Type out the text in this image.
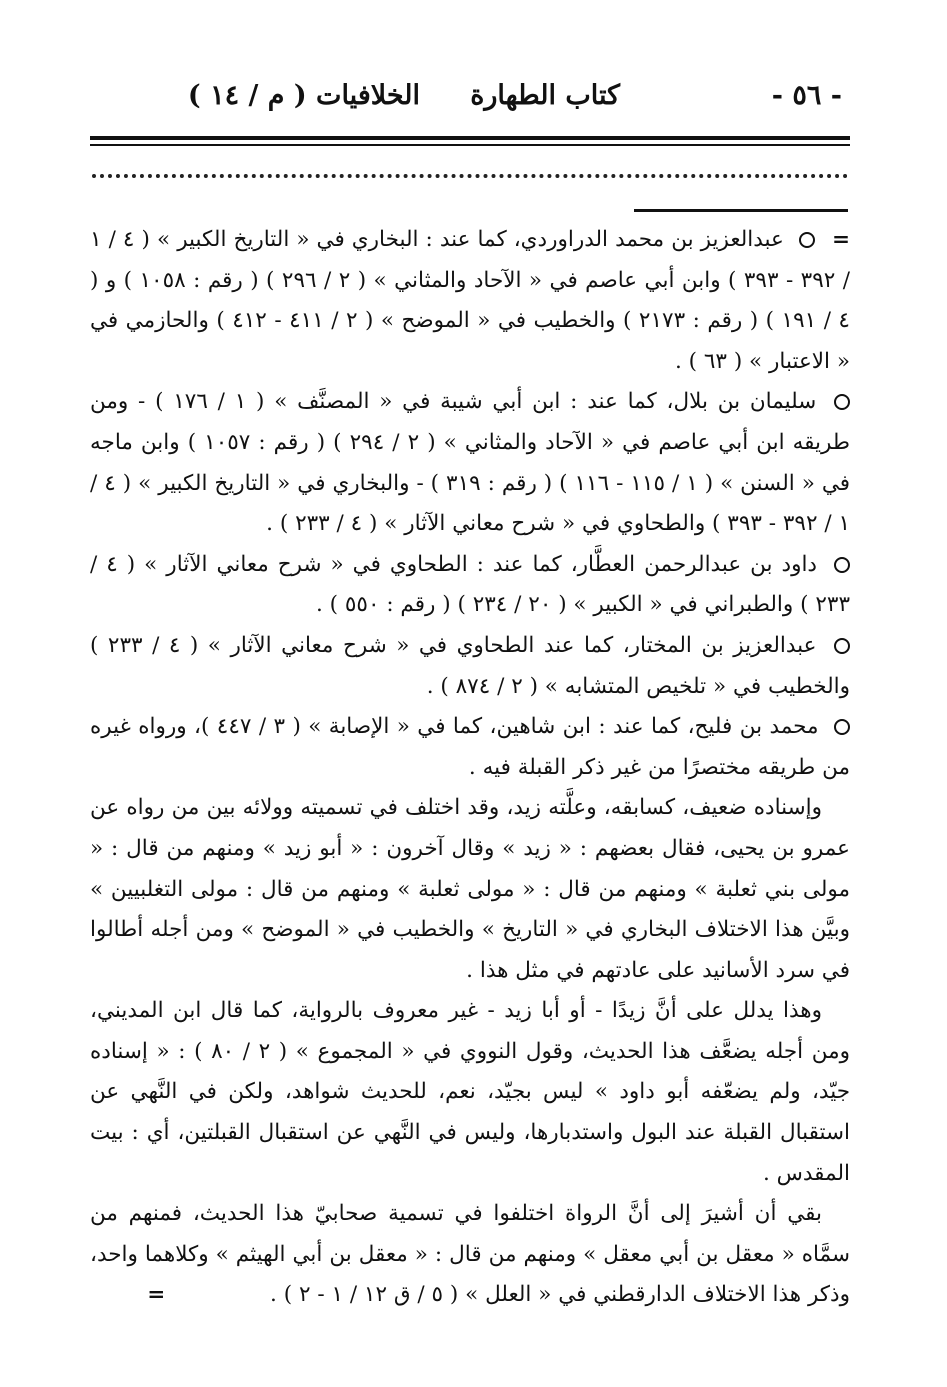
- ٥٦ -
كتاب الطهارة
الخلافيات ( م / ١٤ )

=  عبدالعزيز بن محمد الدراوردي، كما عند : البخاري في « التاريخ الكبير » ( ٤ / ١ / ٣٩٢ - ٣٩٣ ) وابن أبي عاصم في « الآحاد والمثاني » ( ٢ / ٢٩٦ ) ( رقم : ١٠٥٨ ) و ( ٤ / ١٩١ ) ( رقم : ٢١٧٣ ) والخطيب في « الموضح » ( ٢ / ٤١١ - ٤١٢ ) والحازمي في « الاعتبار » ( ٦٣ ) .

سليمان بن بلال، كما عند : ابن أبي شيبة في « المصنَّف » ( ١ / ١٧٦ ) - ومن طريقه ابن أبي عاصم في « الآحاد والمثاني » ( ٢ / ٢٩٤ ) ( رقم : ١٠٥٧ ) وابن ماجه في « السنن » ( ١ / ١١٥ - ١١٦ ) ( رقم : ٣١٩ ) - والبخاري في « التاريخ الكبير » ( ٤ / ١ / ٣٩٢ - ٣٩٣ ) والطحاوي في « شرح معاني الآثار » ( ٤ / ٢٣٣ ) .

داود بن عبدالرحمن العطَّار، كما عند : الطحاوي في « شرح معاني الآثار » ( ٤ / ٢٣٣ ) والطبراني في « الكبير » ( ٢٠ / ٢٣٤ ) ( رقم : ٥٥٠ ) .

عبدالعزيز بن المختار، كما عند الطحاوي في « شرح معاني الآثار » ( ٤ / ٢٣٣ ) والخطيب في « تلخيص المتشابه » ( ٢ / ٨٧٤ ) .

محمد بن فليح، كما عند : ابن شاهين، كما في « الإصابة » ( ٣ / ٤٤٧ )، ورواه غيره من طريقه مختصرًا من غير ذكر القبلة فيه .

وإسناده ضعيف، كسابقه، وعلَّته زيد، وقد اختلف في تسميته وولائه بين من رواه عن عمرو بن يحيى، فقال بعضهم : « زيد » وقال آخرون : « أبو زيد » ومنهم من قال : « مولى بني ثعلبة » ومنهم من قال : « مولى ثعلبة » ومنهم من قال : مولى التغلبيين » وبيَّن هذا الاختلاف البخاري في « التاريخ » والخطيب في « الموضح » ومن أجله أطالوا في سرد الأسانيد على عادتهم في مثل هذا .

وهذا يدلل على أنَّ زيدًا - أو أبا زيد - غير معروف بالرواية، كما قال ابن المديني، ومن أجله يضعَّف هذا الحديث، وقول النووي في « المجموع » ( ٢ / ٨٠ ) : « إسناده جيّد، ولم يضعّفه أبو داود » ليس بجيّد، نعم، للحديث شواهد، ولكن في النَّهي عن استقبال القبلة عند البول واستدبارها، وليس في النَّهي عن استقبال القبلتين، أي : بيت المقدس .

بقي أن أشيرَ إلى أنَّ الرواة اختلفوا في تسمية صحابيّ هذا الحديث، فمنهم من سمَّاه « معقل بن أبي معقل » ومنهم من قال : « معقل بن أبي الهيثم » وكلاهما واحد، وذكر هذا الاختلاف الدارقطني في « العلل » ( ٥ / ق ١٢ / ١ - ٢ ) . =
